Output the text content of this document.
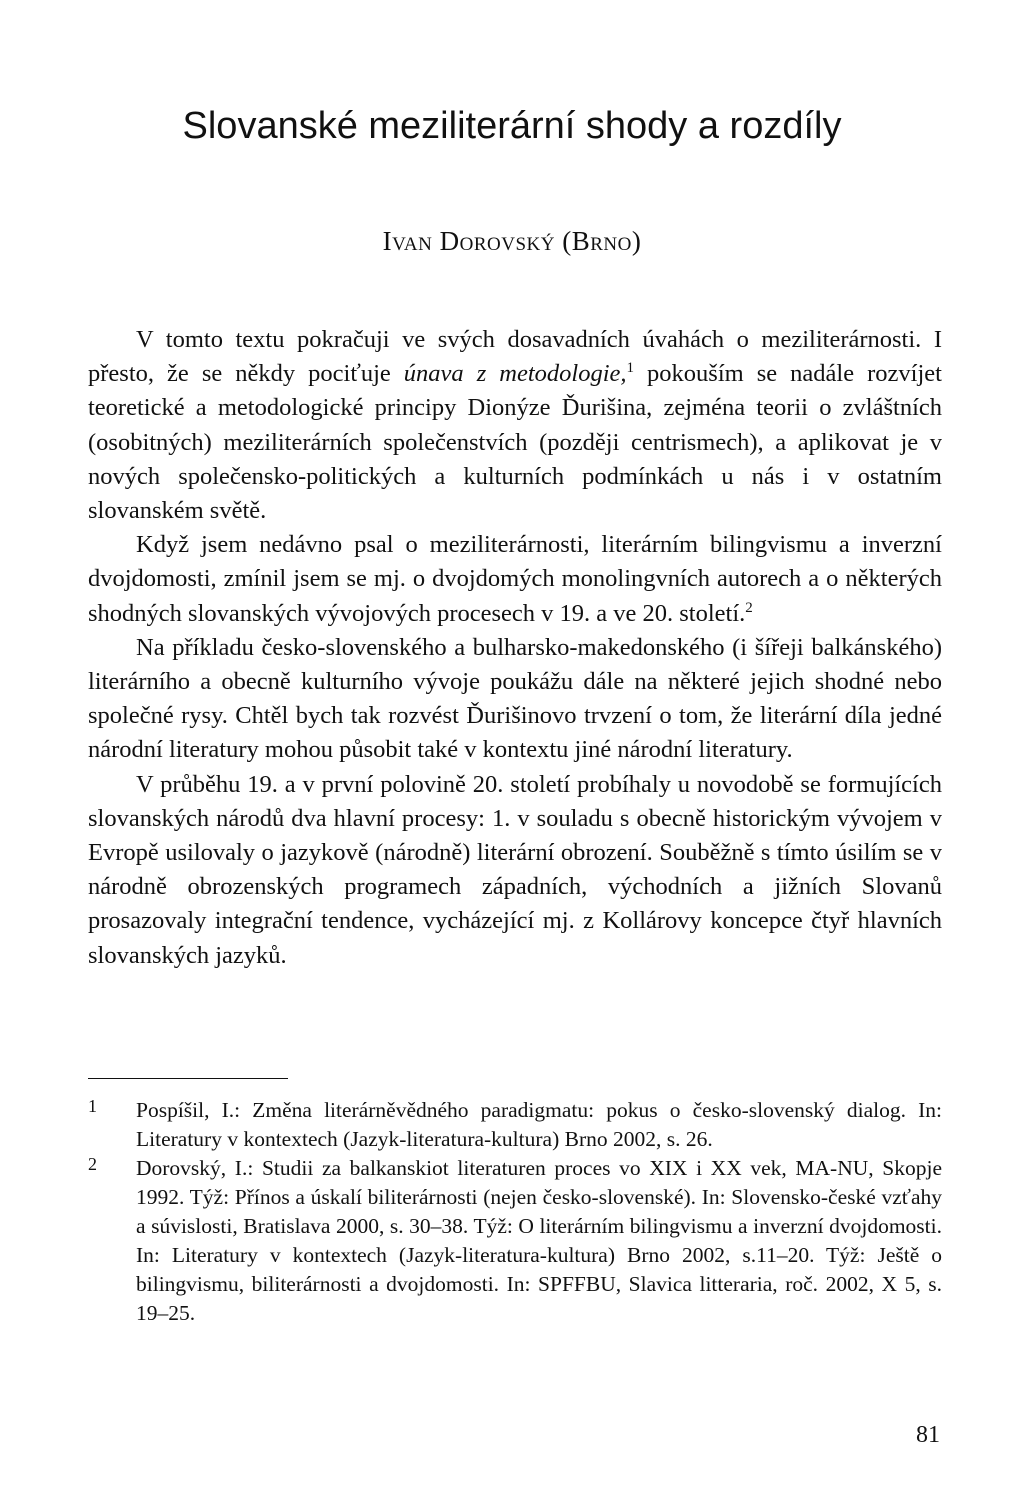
Slovanské meziliterární shody a rozdíly
Ivan Dorovský (Brno)

V tomto textu pokračuji ve svých dosavadních úvahách o meziliterárnosti. I přesto, že se někdy pociťuje únava z metodologie,$^1$ pokouším se nadále rozvíjet teoretické a metodologické principy Dionýze Ďurišina, zejména teorii o zvláštních (osobitných) meziliterárních společenstvích (později centrismech), a aplikovat je v nových společensko-politických a kulturních podmínkách u nás i v ostatním slovanském světě.

Když jsem nedávno psal o meziliterárnosti, literárním bilingvismu a inverzní dvojdomosti, zmínil jsem se mj. o dvojdomých monolingvních autorech a o některých shodných slovanských vývojových procesech v 19. a ve 20. století.$^2$

Na příkladu česko-slovenského a bulharsko-makedonského (i šířeji balkánského) literárního a obecně kulturního vývoje poukážu dále na některé jejich shodné nebo společné rysy. Chtěl bych tak rozvést Ďurišinovo trvzení o tom, že literární díla jedné národní literatury mohou působit také v kontextu jiné národní literatury.

V průběhu 19. a v první polovině 20. století probíhaly u novodobě se formujících slovanských národů dva hlavní procesy: 1. v souladu s obecně historickým vývojem v Evropě usilovaly o jazykově (národně) literární obrození. Souběžně s tímto úsilím se v národně obrozenských programech západních, východních a jižních Slovanů prosazovaly integrační tendence, vycházející mj. z Kollárovy koncepce čtyř hlavních slovanských jazyků.

1	Pospíšil, I.: Změna literárněvědného paradigmatu: pokus o česko-slovenský dialog. In: Literatury v kontextech (Jazyk-literatura-kultura) Brno 2002, s. 26.
2	Dorovský, I.: Studii za balkanskiot literaturen proces vo XIX i XX vek, MA-NU, Skopje 1992. Týž: Přínos a úskalí biliterárnosti (nejen česko-slovenské). In: Slovensko-české vzťahy a súvislosti, Bratislava 2000, s. 30–38. Týž: O literárním bilingvismu a inverzní dvojdomosti. In: Literatury v kontextech (Jazyk-literatura-kultura) Brno 2002, s.11–20. Týž: Ještě o bilingvismu, biliterárnosti a dvojdomosti. In: SPFFBU, Slavica litteraria, roč. 2002, X 5, s. 19–25.
81
